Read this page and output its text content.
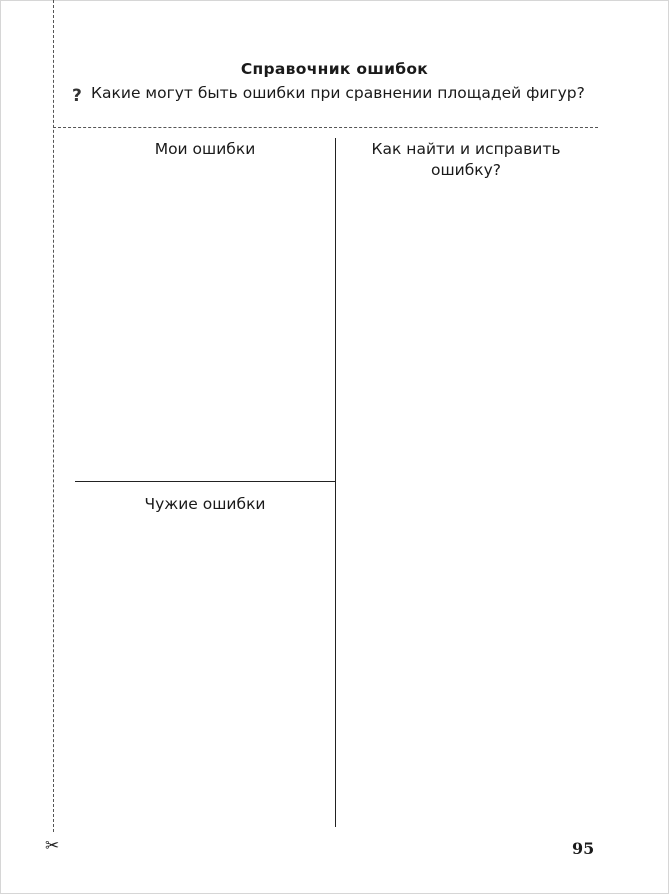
✂
Справочник ошибок
? Какие могут быть ошибки при сравнении площадей фигур?
Мои ошибки
Чужие ошибки
Как найти и исправить ошибку?
95
